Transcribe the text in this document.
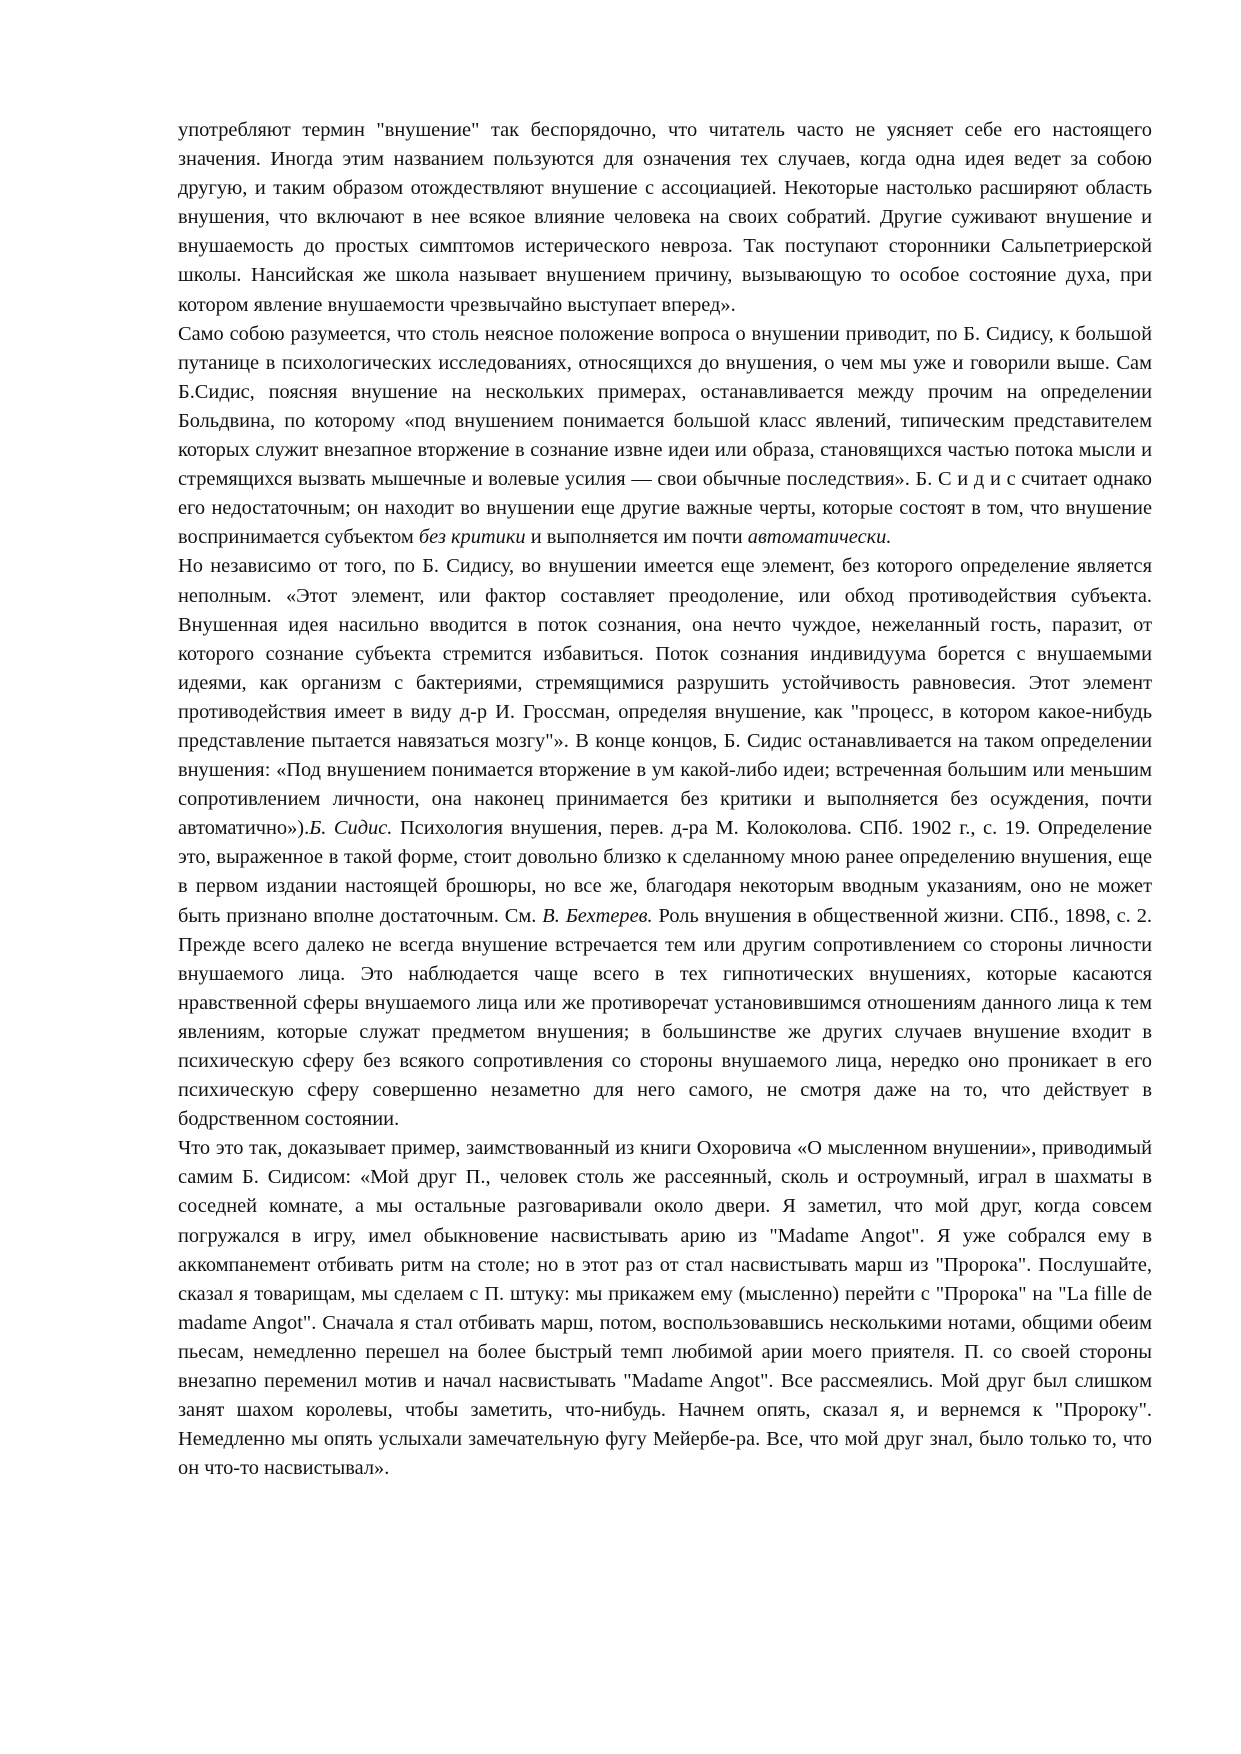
употребляют термин "внушение" так беспорядочно, что читатель часто не уясняет себе его настоящего значения. Иногда этим названием пользуются для означения тех случаев, когда одна идея ведет за собою другую, и таким образом отождествляют внушение с ассоциацией. Некоторые настолько расширяют область внушения, что включают в нее всякое влияние человека на своих собратий. Другие суживают внушение и внушаемость до простых симптомов истерического невроза. Так поступают сторонники Сальпетриерской школы. Нансийская же школа называет внушением причину, вызывающую то особое состояние духа, при котором явление внушаемости чрезвычайно выступает вперед».

Само собою разумеется, что столь неясное положение вопроса о внушении приводит, по Б. Сидису, к большой путанице в психологических исследованиях, относящихся до внушения, о чем мы уже и говорили выше. Сам Б.Сидис, поясняя внушение на нескольких примерах, останавливается между прочим на определении Больдвина, по которому «под внушением понимается большой класс явлений, типическим представителем которых служит внезапное вторжение в сознание извне идеи или образа, становящихся частью потока мысли и стремящихся вызвать мышечные и волевые усилия — свои обычные последствия». Б. С и д и с считает однако его недостаточным; он находит во внушении еще другие важные черты, которые состоят в том, что внушение воспринимается субъектом без критики и выполняется им почти автоматически.

Но независимо от того, по Б. Сидису, во внушении имеется еще элемент, без которого определение является неполным. «Этот элемент, или фактор составляет преодоление, или обход противодействия субъекта. Внушенная идея насильно вводится в поток сознания, она нечто чуждое, нежеланный гость, паразит, от которого сознание субъекта стремится избавиться. Поток сознания индивидуума борется с внушаемыми идеями, как организм с бактериями, стремящимися разрушить устойчивость равновесия. Этот элемент противодействия имеет в виду д-р И. Гроссман, определяя внушение, как "процесс, в котором какое-нибудь представление пытается навязаться мозгу"». В конце концов, Б. Сидис останавливается на таком определении внушения: «Под внушением понимается вторжение в ум какой-либо идеи; встреченная большим или меньшим сопротивлением личности, она наконец принимается без критики и выполняется без осуждения, почти автоматично»).Б. Сидис. Психология внушения, перев. д-ра М. Колоколова. СПб. 1902 г., с. 19. Определение это, выраженное в такой форме, стоит довольно близко к сделанному мною ранее определению внушения, еще в первом издании настоящей брошюры, но все же, благодаря некоторым вводным указаниям, оно не может быть признано вполне достаточным. См. В. Бехтерев. Роль внушения в общественной жизни. СПб., 1898, с. 2. Прежде всего далеко не всегда внушение встречается тем или другим сопротивлением со стороны личности внушаемого лица. Это наблюдается чаще всего в тех гипнотических внушениях, которые касаются нравственной сферы внушаемого лица или же противоречат установившимся отношениям данного лица к тем явлениям, которые служат предметом внушения; в большинстве же других случаев внушение входит в психическую сферу без всякого сопротивления со стороны внушаемого лица, нередко оно проникает в его психическую сферу совершенно незаметно для него самого, не смотря даже на то, что действует в бодрственном состоянии.

Что это так, доказывает пример, заимствованный из книги Охоровича «О мысленном внушении», приводимый самим Б. Сидисом: «Мой друг П., человек столь же рассеянный, сколь и остроумный, играл в шахматы в соседней комнате, а мы остальные разговаривали около двери. Я заметил, что мой друг, когда совсем погружался в игру, имел обыкновение насвистывать арию из "Madame Angot". Я уже собрался ему в аккомпанемент отбивать ритм на столе; но в этот раз от стал насвистывать марш из "Пророка". Послушайте, сказал я товарищам, мы сделаем с П. штуку: мы прикажем ему (мысленно) перейти с "Пророка" на "La fille de madame Angot". Сначала я стал отбивать марш, потом, воспользовавшись несколькими нотами, общими обеим пьесам, немедленно перешел на более быстрый темп любимой арии моего приятеля. П. со своей стороны внезапно переменил мотив и начал насвистывать "Madame Angot". Все рассмеялись. Мой друг был слишком занят шахом королевы, чтобы заметить, что-нибудь. Начнем опять, сказал я, и вернемся к "Пророку". Немедленно мы опять услыхали замечательную фугу Мейербе-ра. Все, что мой друг знал, было только то, что он что-то насвистывал».
